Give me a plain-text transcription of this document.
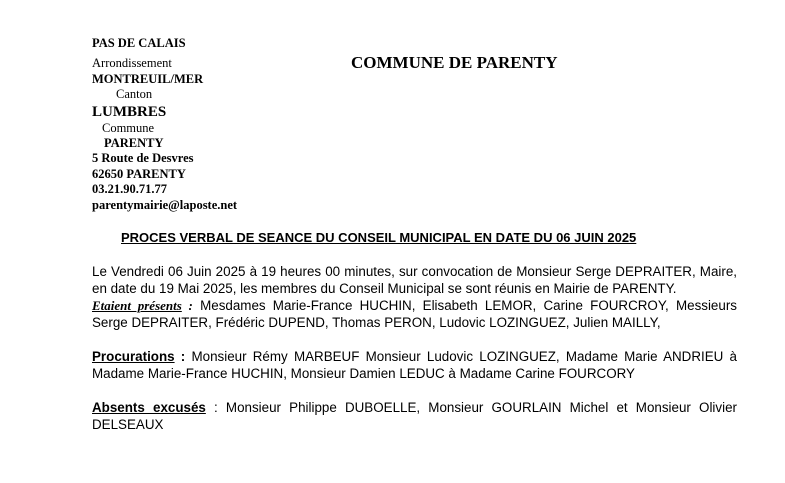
PAS DE CALAIS
Arrondissement
MONTREUIL/MER
Canton
LUMBRES
Commune
PARENTY
5 Route de Desvres
62650 PARENTY
03.21.90.71.77
parentymairie@laposte.net
COMMUNE DE PARENTY
PROCES VERBAL DE SEANCE DU CONSEIL MUNICIPAL EN DATE DU 06 JUIN 2025

Le Vendredi 06 Juin 2025 à 19 heures 00 minutes, sur convocation de Monsieur Serge DEPRAITER, Maire, en date du 19 Mai 2025, les membres du Conseil Municipal se sont réunis en Mairie de PARENTY.

Etaient présents : Mesdames Marie-France HUCHIN, Elisabeth LEMOR, Carine FOURCROY, Messieurs Serge DEPRAITER, Frédéric DUPEND, Thomas PERON, Ludovic LOZINGUEZ, Julien MAILLY,

Procurations : Monsieur Rémy MARBEUF Monsieur Ludovic LOZINGUEZ, Madame Marie ANDRIEU à Madame Marie-France HUCHIN, Monsieur Damien LEDUC à Madame Carine FOURCORY

Absents excusés : Monsieur Philippe DUBOELLE, Monsieur GOURLAIN Michel et Monsieur Olivier DELSEAUX
